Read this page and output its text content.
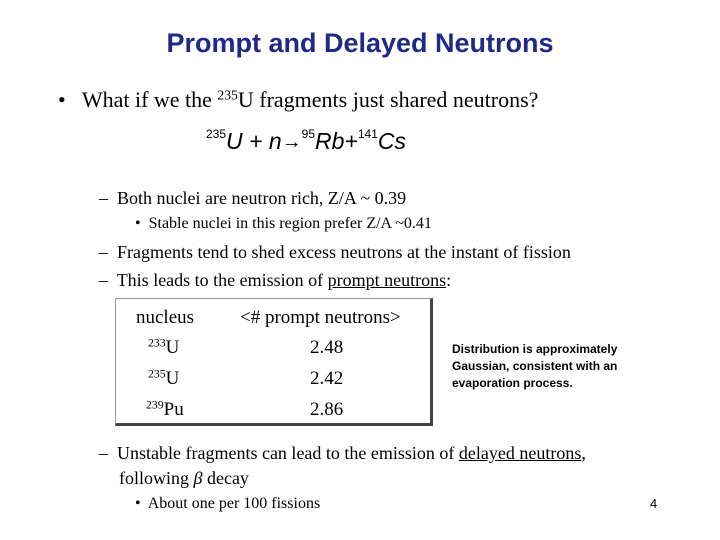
Prompt and Delayed Neutrons
• What if we the $^{235}$U fragments just shared neutrons?
$^{235}$U + n→$^{95}$Rb+$^{141}$Cs
– Both nuclei are neutron rich, Z/A ~ 0.39
• Stable nuclei in this region prefer Z/A ~0.41
– Fragments tend to shed excess neutrons at the instant of fission
– This leads to the emission of prompt neutrons:
nucleus <# prompt neutrons>
$^{233}$U	2.48
$^{235}$U	2.42
$^{239}$Pu	2.86
Distribution is approximately Gaussian, consistent with an evaporation process.
– Unstable fragments can lead to the emission of delayed neutrons,
following β decay
• About one per 100 fissions	4
